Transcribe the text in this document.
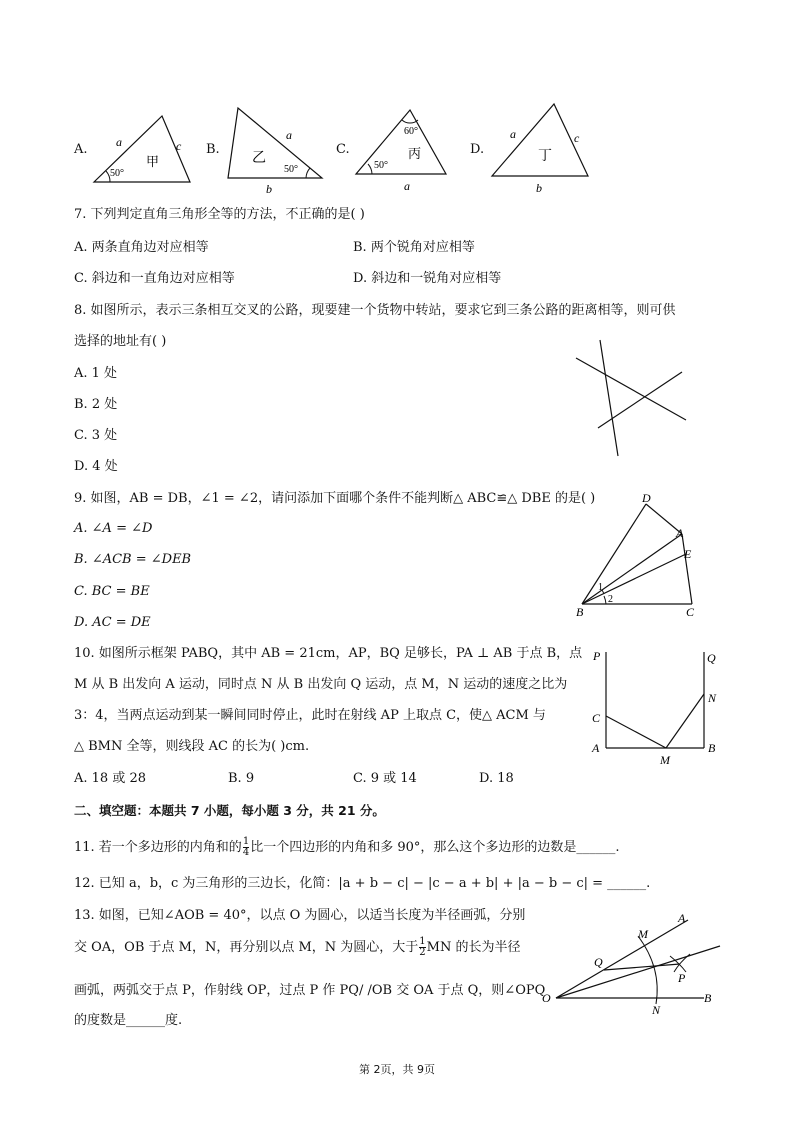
A. a	c
50°
甲
B.
a
b
50°
乙
C.
60°
50°
a
丙	D.
a	c
b
丁
7. 下列判定直角三角形全等的方法，不正确的是( )
A. 两条直角边对应相等	B. 两个锐角对应相等
C. 斜边和一直角边对应相等	D. 斜边和一锐角对应相等
8. 如图所示，表示三条相互交叉的公路，现要建一个货物中转站，要求它到三条公路的距离相等，则可供
选择的地址有( )
A. 1 处
B. 2 处
C. 3 处
D. 4 处
9. 如图，AB = DB，∠1 = ∠2，请问添加下面哪个条件不能判断△ ABC≌△ DBE 的是( )
A. ∠A = ∠D
B. ∠ACB = ∠DEB
C. BC = BE
D. AC = DE
D
A
E
B	C
1
2
10. 如图所示框架 PABQ，其中 AB = 21cm，AP，BQ 足够长，PA ⊥ AB 于点 B，点
M 从 B 出发向 A 运动，同时点 N 从 B 出发向 Q 运动，点 M，N 运动的速度之比为
3：4，当两点运动到某一瞬间同时停止，此时在射线 AP 上取点 C，使△ ACM 与
△ BMN 全等，则线段 AC 的长为( )cm.
A. 18 或 28	B. 9	C. 9 或 14	D. 18
P	Q
N
C
A
M
B
二、填空题：本题共 7 小题，每小题 3 分，共 21 分。
11. 若一个多边形的内角和的 $\frac{1}{4}$ 比一个四边形的内角和多 90°，那么这个多边形的边数是______.
12. 已知 a，b，c 为三角形的三边长，化简：|a + b − c| − |c − a + b| + |a − b − c| = ______.
13. 如图，已知∠AOB = 40°，以点 O 为圆心，以适当长度为半径画弧，分别
交 OA，OB 于点 M，N，再分别以点 M，N 为圆心，大于 $\frac{1}{2}$ MN 的长为半径
画弧，两弧交于点 P，作射线 OP，过点 P 作 PQ/ /OB 交 OA 于点 Q，则∠OPQ
的度数是______度.
M
A
Q
P
O
N
B
第 2页，共 9页
